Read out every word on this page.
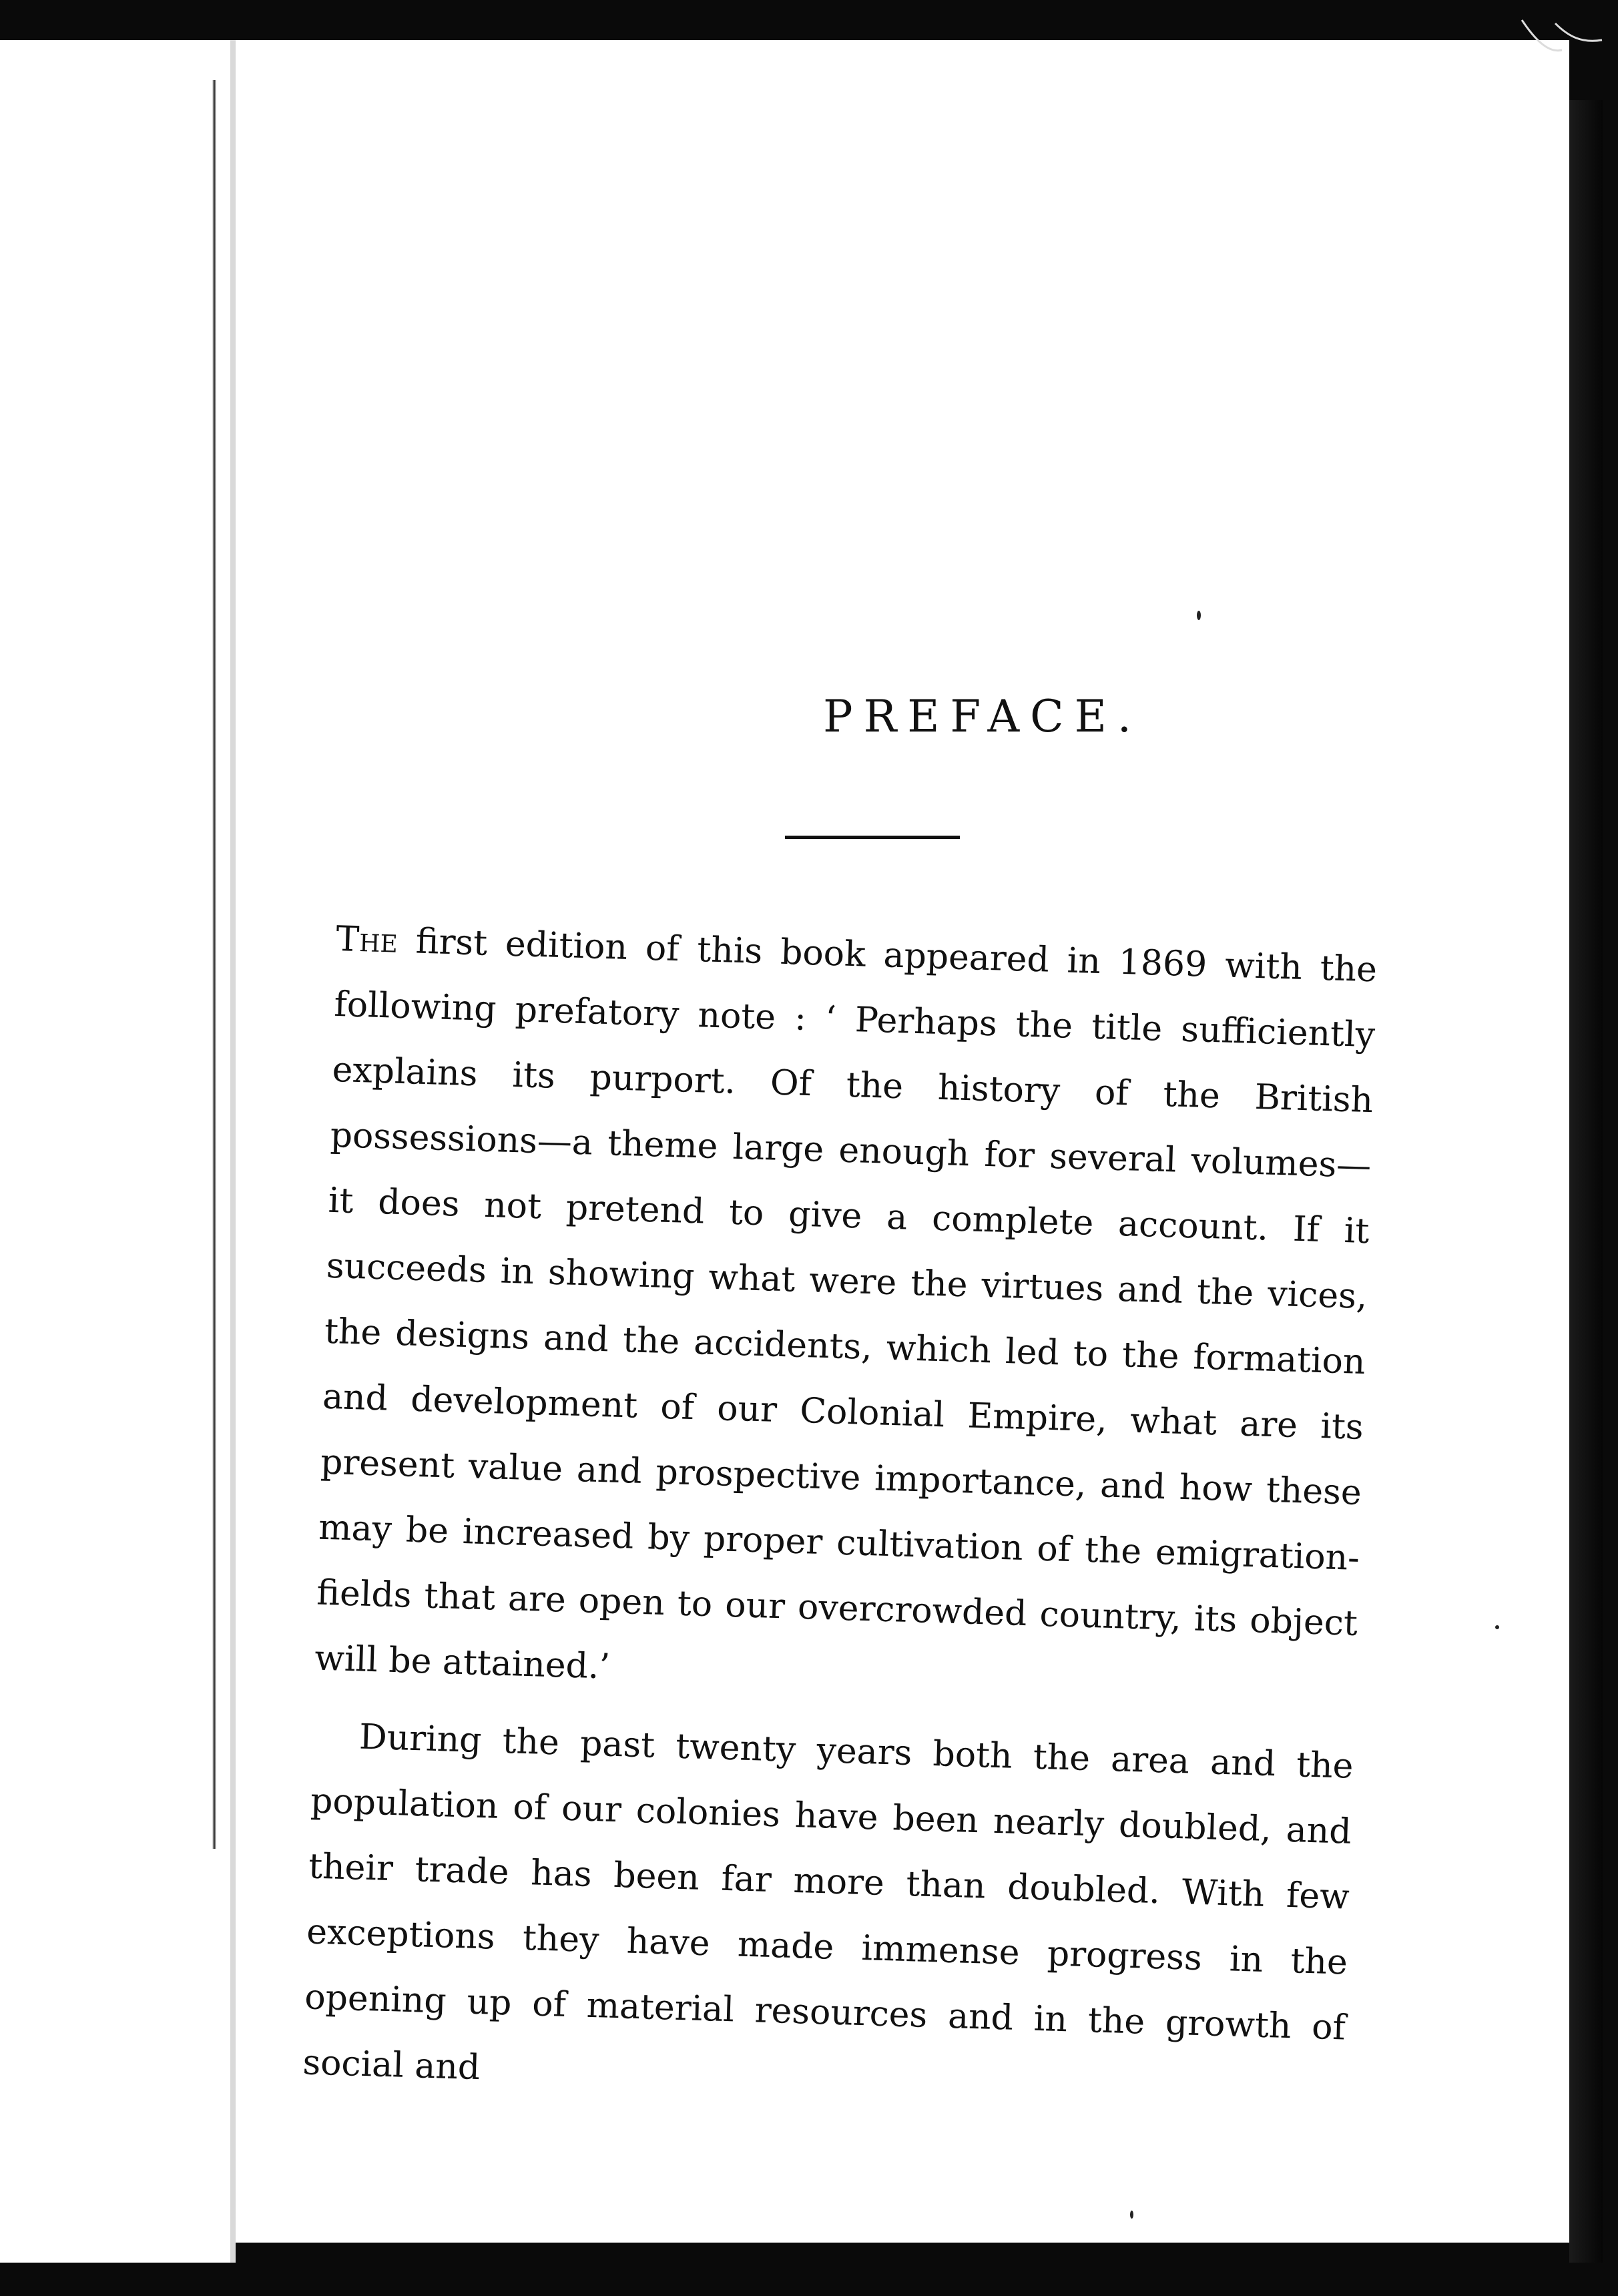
PREFACE.

The first edition of this book appeared in 1869 with the following prefatory note : ‘ Perhaps the title sufficiently explains its purport. Of the history of the British possessions—a theme large enough for several volumes—it does not pretend to give a complete account. If it succeeds in showing what were the virtues and the vices, the designs and the accidents, which led to the formation and development of our Colonial Empire, what are its present value and prospective importance, and how these may be increased by proper cultivation of the emigration-fields that are open to our overcrowded country, its object will be attained.’

During the past twenty years both the area and the population of our colonies have been nearly doubled, and their trade has been far more than doubled. With few exceptions they have made immense progress in the opening up of material resources and in the growth of social and
